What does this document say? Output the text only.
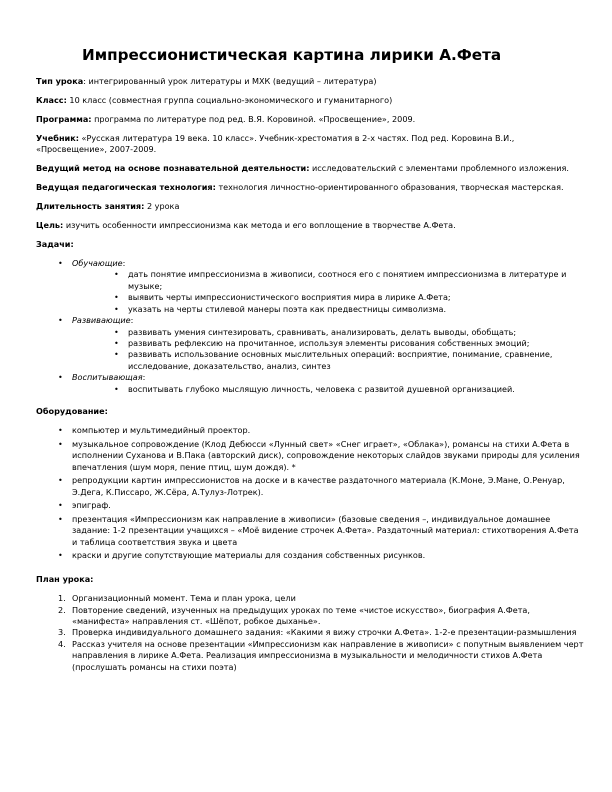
Импрессионистическая картина лирики А.Фета

Тип урока: интегрированный урок литературы и МХК (ведущий – литература)

Класс: 10 класс (совместная группа социально-экономического и гуманитарного)

Программа: программа по литературе под ред. В.Я. Коровиной. «Просвещение», 2009.

Учебник: «Русская литература 19 века. 10 класс». Учебник-хрестоматия в 2-х частях. Под ред. Коровина В.И., «Просвещение», 2007-2009.

Ведущий метод на основе познавательной деятельности: исследовательский с элементами проблемного изложения.

Ведущая педагогическая технология: технология личностно-ориентированного образования, творческая мастерская.

Длительность занятия: 2 урока

Цель: изучить особенности импрессионизма как метода и его воплощение в творчестве А.Фета.

Задачи:
• Обучающие:
• дать понятие импрессионизма в живописи, соотнося его с понятием импрессионизма в литературе и музыке;
• выявить черты импрессионистического восприятия мира в лирике А.Фета;
• указать на черты стилевой манеры поэта как предвестницы символизма.
• Развивающие:
• развивать умения синтезировать, сравнивать, анализировать, делать выводы, обобщать;
• развивать рефлексию на прочитанное, используя элементы рисования собственных эмоций;
• развивать использование основных мыслительных операций: восприятие, понимание, сравнение, исследование, доказательство, анализ, синтез
• Воспитывающая:
• воспитывать глубоко мыслящую личность, человека с развитой душевной организацией.
Оборудование:
• компьютер и мультимедийный проектор.
• музыкальное сопровождение (Клод Дебюсси «Лунный свет» «Снег играет», «Облака»), романсы на стихи А.Фета в исполнении Суханова и В.Пака (авторский диск), сопровождение некоторых слайдов звуками природы для усиления впечатления (шум моря, пение птиц, шум дождя). *
• репродукции картин импрессионистов на доске и в качестве раздаточного материала (К.Моне, Э.Мане, О.Ренуар, Э.Дега, К.Писсаро, Ж.Сёра, А.Тулуз-Лотрек).
• эпиграф.
• презентация «Импрессионизм как направление в живописи» (базовые сведения –, индивидуальное домашнее задание: 1-2 презентации учащихся – «Моё видение строчек А.Фета». Раздаточный материал: стихотворения А.Фета и таблица соответствия звука и цвета
• краски и другие сопутствующие материалы для создания собственных рисунков.
План урока:
1. Организационный момент. Тема и план урока, цели
2. Повторение сведений, изученных на предыдущих уроках по теме «чистое искусство», биография А.Фета, «манифеста» направления ст. «Шёпот, робкое дыханье».
3. Проверка индивидуального домашнего задания: «Какими я вижу строчки А.Фета». 1-2-е презентации-размышления
4. Рассказ учителя на основе презентации «Импрессионизм как направление в живописи» с попутным выявлением черт направления в лирике А.Фета. Реализация импрессионизма в музыкальности и мелодичности стихов А.Фета (прослушать романсы на стихи поэта)
